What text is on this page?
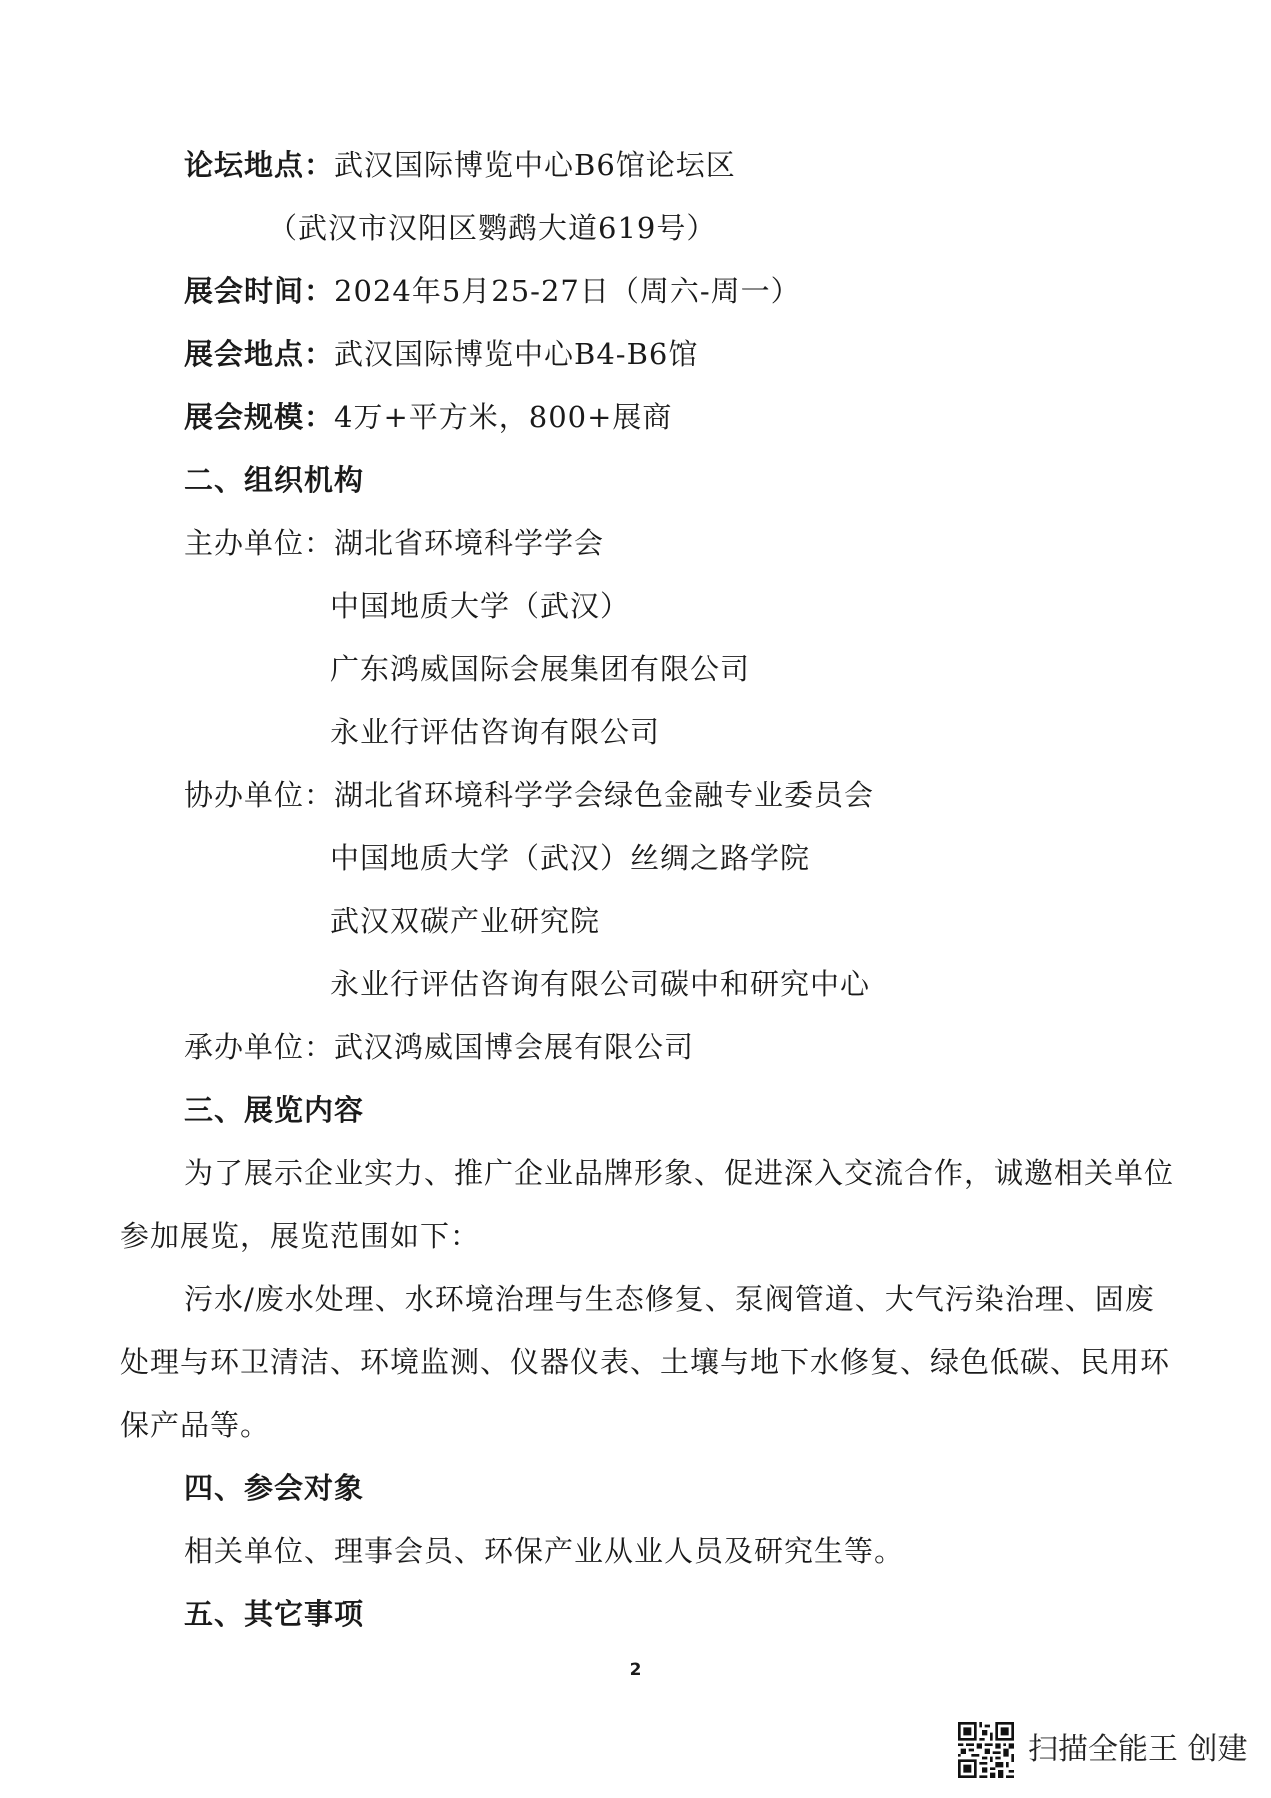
论坛地点：武汉国际博览中心B6馆论坛区
（武汉市汉阳区鹦鹉大道619号）
展会时间：2024年5月25-27日（周六-周一）
展会地点：武汉国际博览中心B4-B6馆
展会规模：4万+平方米，800+展商
二、组织机构
主办单位：湖北省环境科学学会
中国地质大学（武汉）
广东鸿威国际会展集团有限公司
永业行评估咨询有限公司
协办单位：湖北省环境科学学会绿色金融专业委员会
中国地质大学（武汉）丝绸之路学院
武汉双碳产业研究院
永业行评估咨询有限公司碳中和研究中心
承办单位：武汉鸿威国博会展有限公司
三、展览内容
为了展示企业实力、推广企业品牌形象、促进深入交流合作，诚邀相关单位
参加展览，展览范围如下：
污水/废水处理、水环境治理与生态修复、泵阀管道、大气污染治理、固废
处理与环卫清洁、环境监测、仪器仪表、土壤与地下水修复、绿色低碳、民用环
保产品等。
四、参会对象
相关单位、理事会员、环保产业从业人员及研究生等。
五、其它事项
2
扫描全能王 创建
